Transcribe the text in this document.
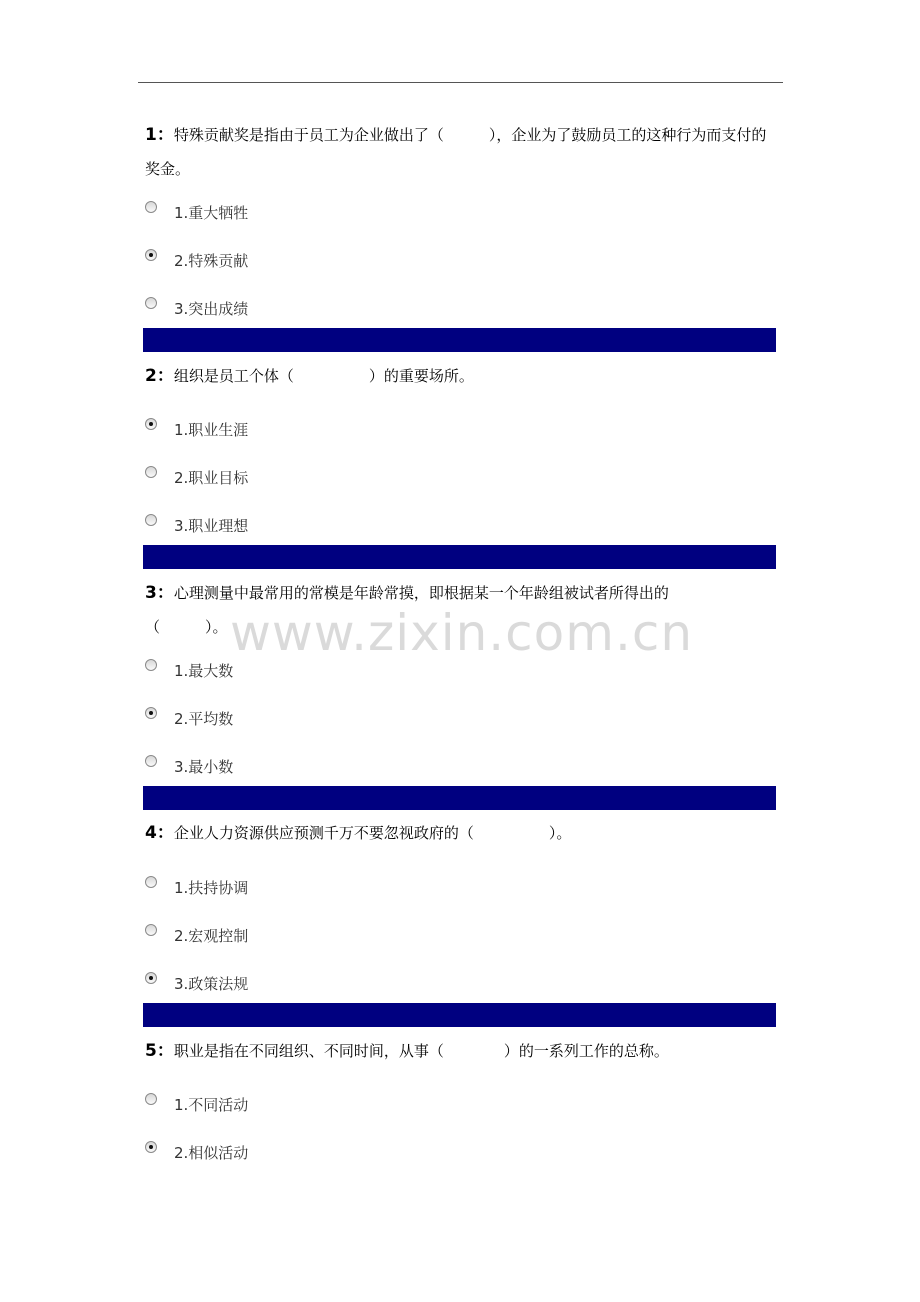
1：特殊贡献奖是指由于员工为企业做出了（　　　），企业为了鼓励员工的这种行为而支付的奖金。

1.重大牺牲
2.特殊贡献
3.突出成绩

2：组织是员工个体（　　　　　）的重要场所。

1.职业生涯
2.职业目标
3.职业理想

3：心理测量中最常用的常模是年龄常摸，即根据某一个年龄组被试者所得出的（　　　）。

1.最大数
2.平均数
3.最小数

4：企业人力资源供应预测千万不要忽视政府的（　　　　　）。

1.扶持协调
2.宏观控制
3.政策法规

5：职业是指在不同组织、不同时间，从事（　　　　）的一系列工作的总称。

1.不同活动
2.相似活动
www.zixin.com.cn
